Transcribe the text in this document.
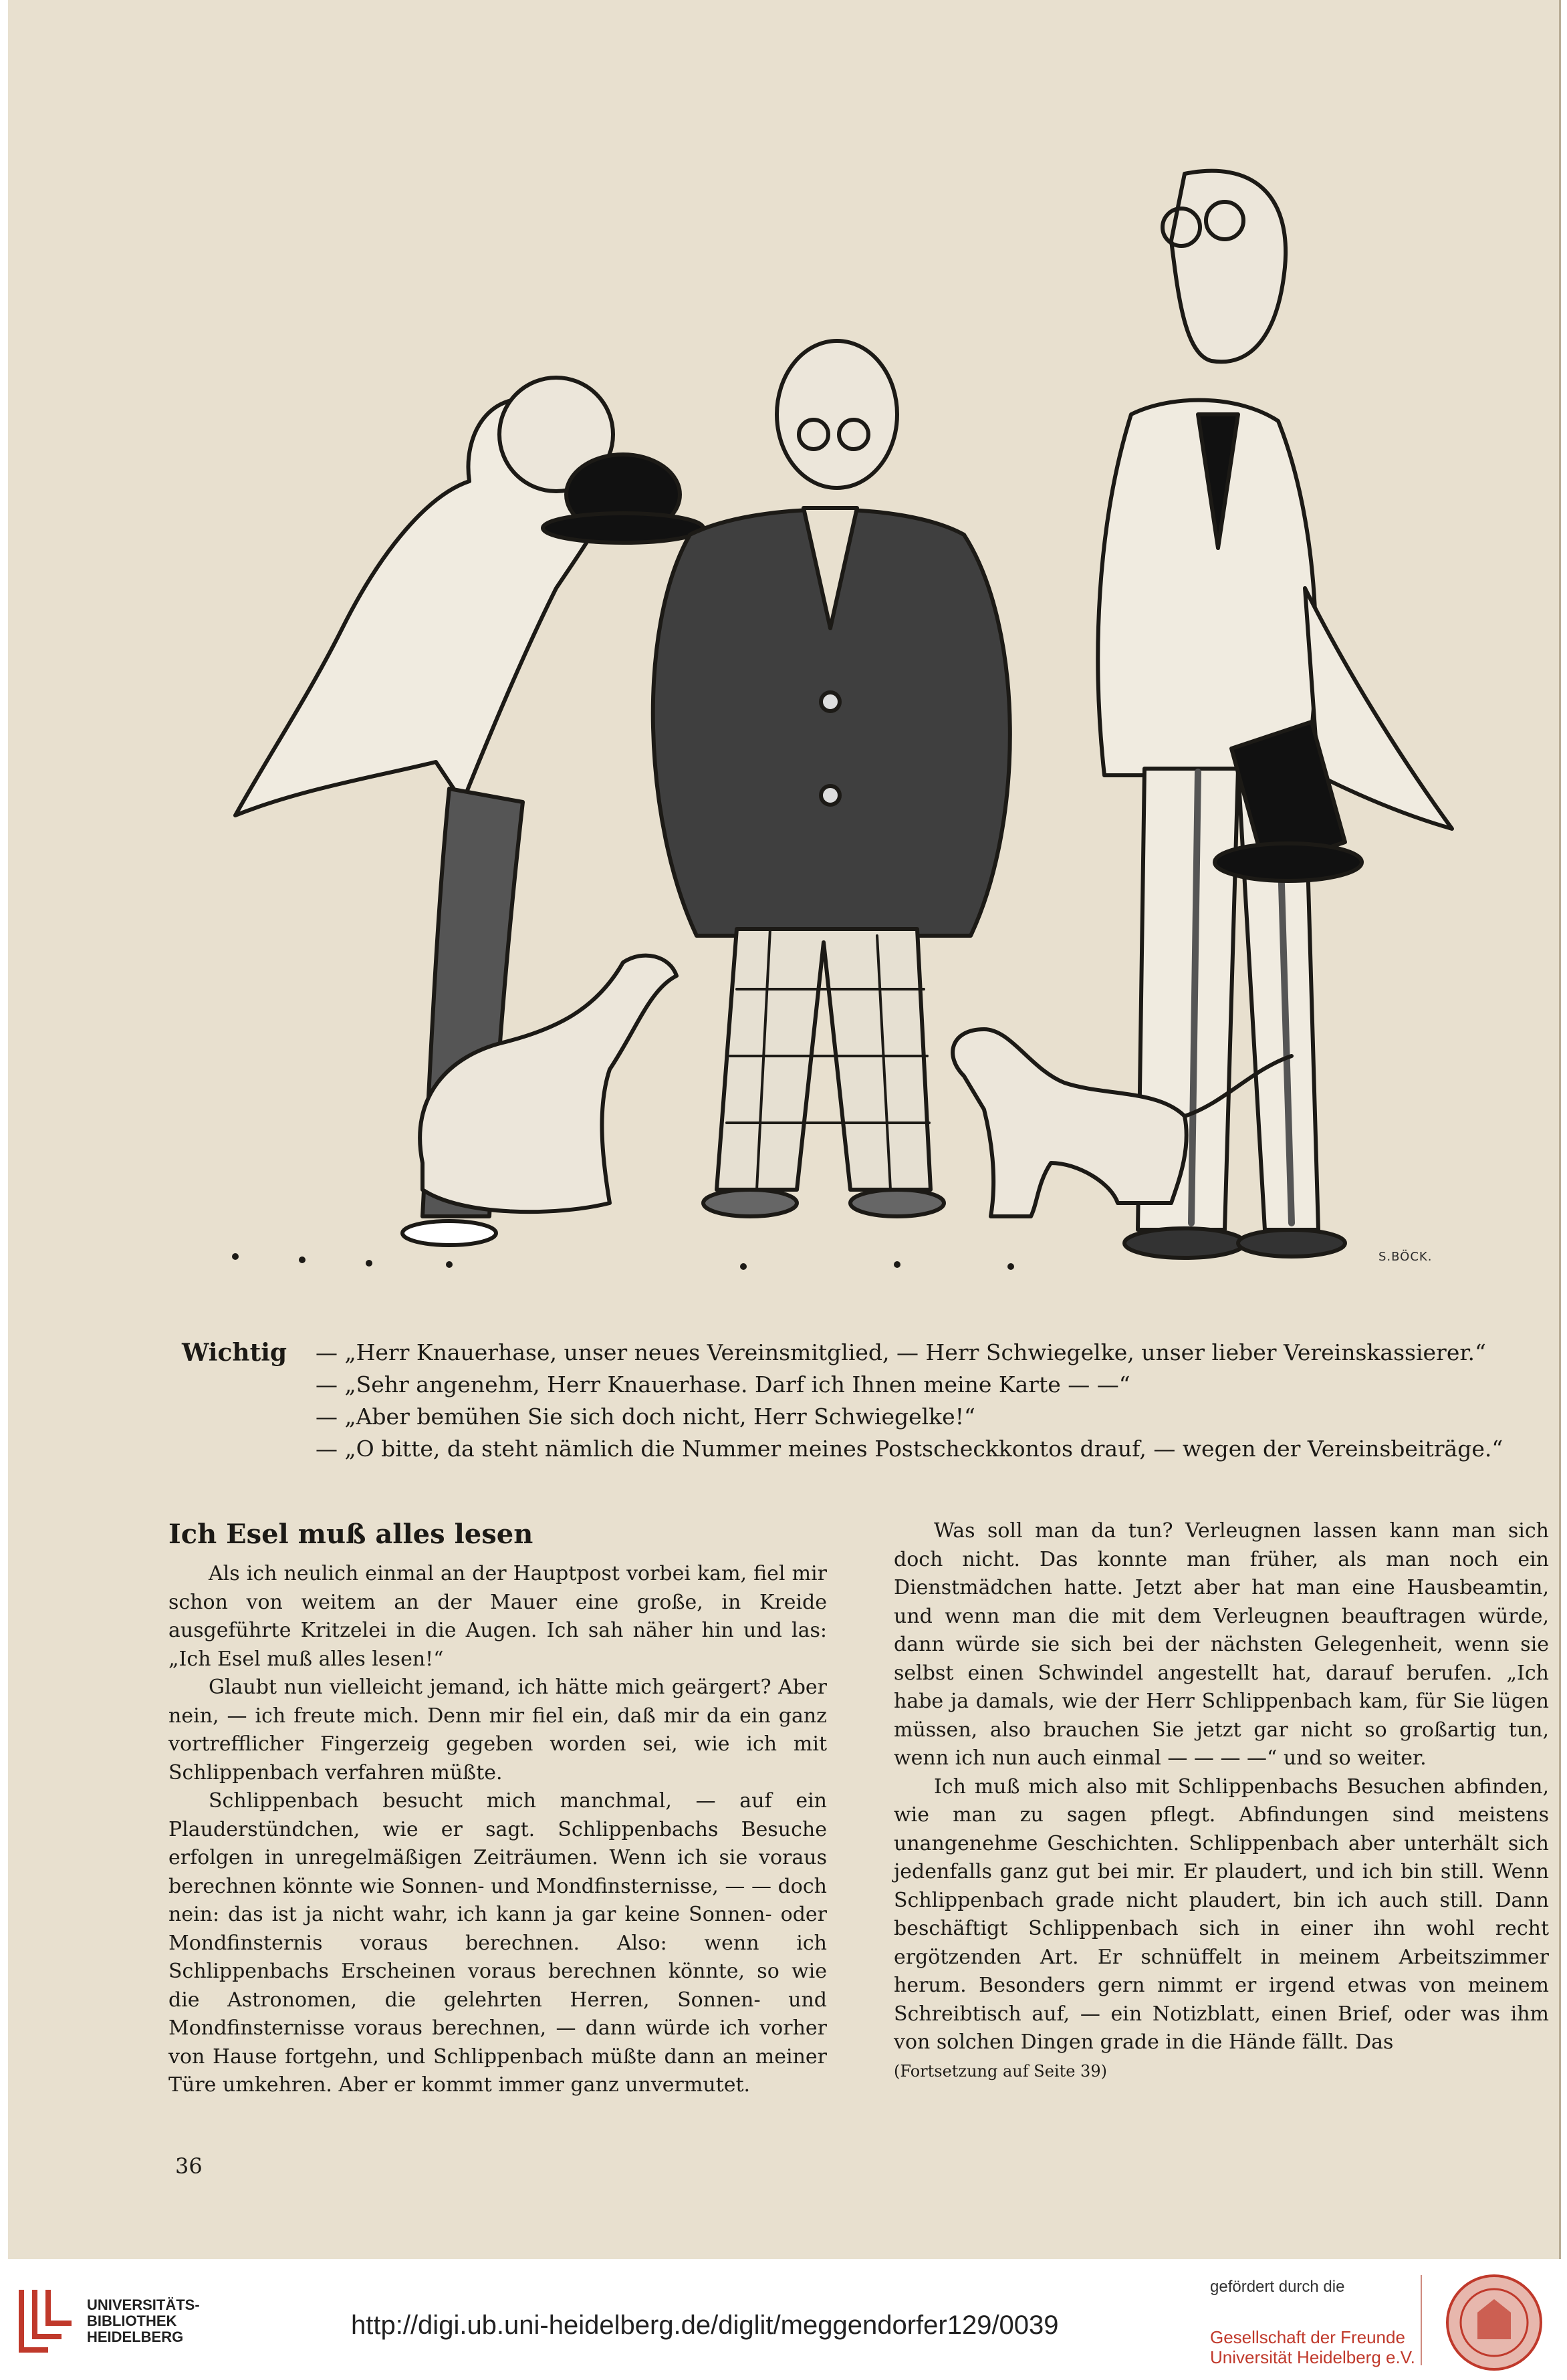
S.BÖCK.
Wichtig — „Herr Knauerhase, unser neues Vereinsmitglied, — Herr Schwiegelke, unser lieber Vereinskassierer.“
— „Sehr angenehm, Herr Knauerhase. Darf ich Ihnen meine Karte — —“
— „Aber bemühen Sie sich doch nicht, Herr Schwiegelke!“
— „O bitte, da steht nämlich die Nummer meines Postscheckkontos drauf, — wegen der Vereinsbeiträge.“
Ich Esel muß alles lesen

Als ich neulich einmal an der Hauptpost vorbei kam, fiel mir schon von weitem an der Mauer eine große, in Kreide ausgeführte Kritzelei in die Augen. Ich sah näher hin und las: „Ich Esel muß alles lesen!“

Glaubt nun vielleicht jemand, ich hätte mich geärgert? Aber nein, — ich freute mich. Denn mir fiel ein, daß mir da ein ganz vortrefflicher Fingerzeig gegeben worden sei, wie ich mit Schlippenbach verfahren müßte.

Schlippenbach besucht mich manchmal, — auf ein Plauderstündchen, wie er sagt. Schlippenbachs Besuche erfolgen in unregelmäßigen Zeiträumen. Wenn ich sie voraus berechnen könnte wie Sonnen- und Mondfinsternisse, — — doch nein: das ist ja nicht wahr, ich kann ja gar keine Sonnen- oder Mondfinsternis voraus berechnen. Also: wenn ich Schlippenbachs Erscheinen voraus berechnen könnte, so wie die Astronomen, die gelehrten Herren, Sonnen- und Mondfinsternisse voraus berechnen, — dann würde ich vorher von Hause fortgehn, und Schlippenbach müßte dann an meiner Türe umkehren. Aber er kommt immer ganz unvermutet.

Was soll man da tun? Verleugnen lassen kann man sich doch nicht. Das konnte man früher, als man noch ein Dienstmädchen hatte. Jetzt aber hat man eine Hausbeamtin, und wenn man die mit dem Verleugnen beauftragen würde, dann würde sie sich bei der nächsten Gelegenheit, wenn sie selbst einen Schwindel angestellt hat, darauf berufen. „Ich habe ja damals, wie der Herr Schlippenbach kam, für Sie lügen müssen, also brauchen Sie jetzt gar nicht so großartig tun, wenn ich nun auch einmal — — — —“ und so weiter.

Ich muß mich also mit Schlippenbachs Besuchen abfinden, wie man zu sagen pflegt. Abfindungen sind meistens unangenehme Geschichten. Schlippenbach aber unterhält sich jedenfalls ganz gut bei mir. Er plaudert, und ich bin still. Wenn Schlippenbach grade nicht plaudert, bin ich auch still. Dann beschäftigt Schlippenbach sich in einer ihn wohl recht ergötzenden Art. Er schnüffelt in meinem Arbeitszimmer herum. Besonders gern nimmt er irgend etwas von meinem Schreibtisch auf, — ein Notizblatt, einen Brief, oder was ihm von solchen Dingen grade in die Hände fällt. Das

(Fortsetzung auf Seite 39)

36
UNIVERSITÄTS-
BIBLIOTHEK
HEIDELBERG	http://digi.ub.uni-heidelberg.de/diglit/meggendorfer129/0039
gefördert durch die
Gesellschaft der Freunde
Universität Heidelberg e.V.
